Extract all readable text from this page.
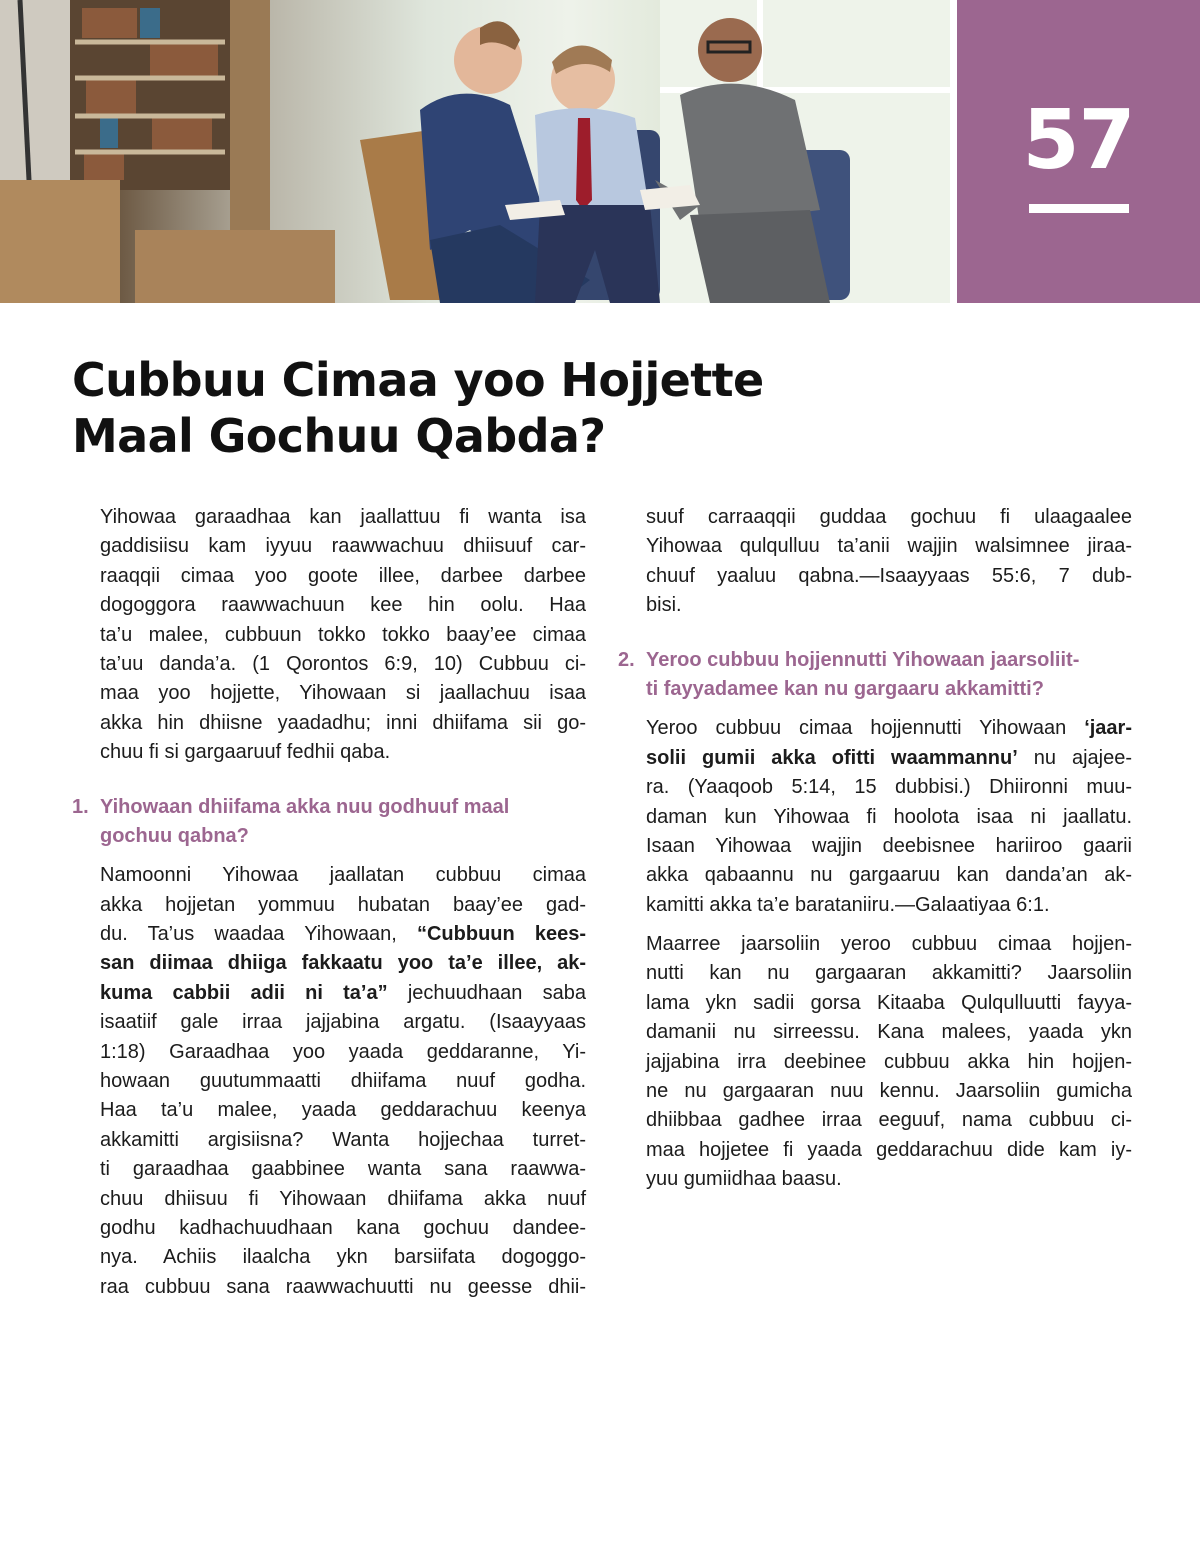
57
Cubbuu Cimaa yoo Hojjette
Maal Gochuu Qabda?
Yihowaa garaadhaa kan jaallattuu fi wanta isa
gaddisiisu kam iyyuu raawwachuu dhiisuuf car-
raaqqii cimaa yoo goote illee, darbee darbee
dogoggora raawwachuun kee hin oolu. Haa
ta’u malee, cubbuun tokko tokko baay’ee cimaa
ta’uu danda’a. (1 Qorontos 6:9, 10) Cubbuu ci-
maa yoo hojjette, Yihowaan si jaallachuu isaa
akka hin dhiisne yaadadhu; inni dhiifama sii go-
chuu fi si gargaaruuf fedhii qaba.
1. Yihowaan dhiifama akka nuu godhuuf maal
gochuu qabna?
Namoonni Yihowaa jaallatan cubbuu cimaa
akka hojjetan yommuu hubatan baay’ee gad-
du. Ta’us waadaa Yihowaan, “Cubbuun kees-
san diimaa dhiiga fakkaatu yoo ta’e illee, ak-
kuma cabbii adii ni ta’a” jechuudhaan saba
isaatiif gale irraa jajjabina argatu. (Isaayyaas
1:18) Garaadhaa yoo yaada geddaranne, Yi-
howaan guutummaatti dhiifama nuuf godha.
Haa ta’u malee, yaada geddarachuu keenya
akkamitti argisiisna? Wanta hojjechaa turret-
ti garaadhaa gaabbinee wanta sana raawwa-
chuu dhiisuu fi Yihowaan dhiifama akka nuuf
godhu kadhachuudhaan kana gochuu dandee-
nya. Achiis ilaalcha ykn barsiifata dogoggo-
raa cubbuu sana raawwachuutti nu geesse dhii-
suuf carraaqqii guddaa gochuu fi ulaagaalee
Yihowaa qulqulluu ta’anii wajjin walsimnee jiraa-
chuuf yaaluu qabna.—Isaayyaas 55:6, 7 dub-
bisi.
2. Yeroo cubbuu hojjennutti Yihowaan jaarsoliit-
ti fayyadamee kan nu gargaaru akkamitti?
Yeroo cubbuu cimaa hojjennutti Yihowaan ‘jaar-
solii gumii akka ofitti waammannu’ nu ajajee-
ra. (Yaaqoob 5:14, 15 dubbisi.) Dhiironni muu-
daman kun Yihowaa fi hoolota isaa ni jaallatu.
Isaan Yihowaa wajjin deebisnee hariiroo gaarii
akka qabaannu nu gargaaruu kan danda’an ak-
kamitti akka ta’e barataniiru.—Galaatiyaa 6:1.
Maarree jaarsoliin yeroo cubbuu cimaa hojjen-
nutti kan nu gargaaran akkamitti? Jaarsoliin
lama ykn sadii gorsa Kitaaba Qulqulluutti fayya-
damanii nu sirreessu. Kana malees, yaada ykn
jajjabina irra deebinee cubbuu akka hin hojjen-
ne nu gargaaran nuu kennu. Jaarsoliin gumicha
dhiibbaa gadhee irraa eeguuf, nama cubbuu ci-
maa hojjetee fi yaada geddarachuu dide kam iy-
yuu gumiidhaa baasu.
